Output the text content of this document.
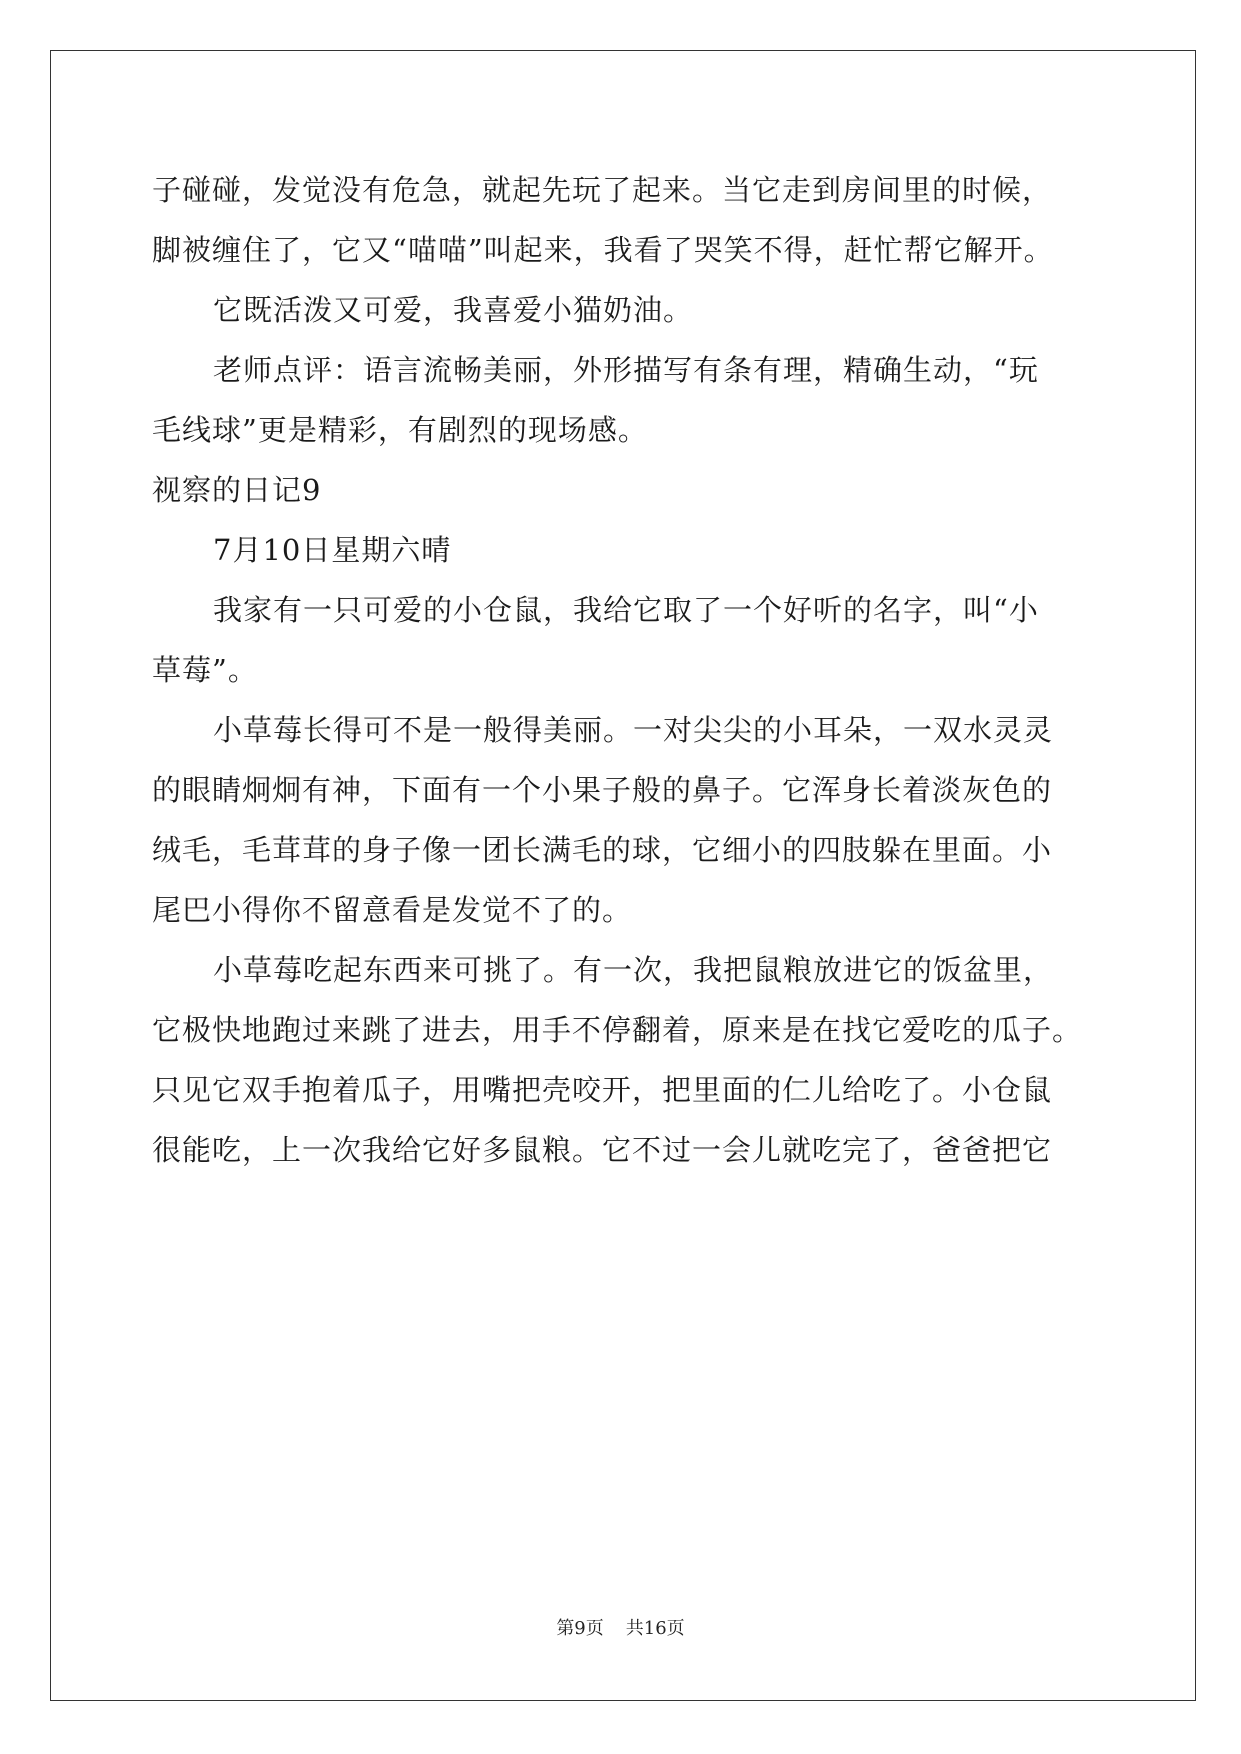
子碰碰，发觉没有危急，就起先玩了起来。当它走到房间里的时候，

脚被缠住了，它又“喵喵”叫起来，我看了哭笑不得，赶忙帮它解开。

它既活泼又可爱，我喜爱小猫奶油。

老师点评：语言流畅美丽，外形描写有条有理，精确生动，“玩

毛线球”更是精彩，有剧烈的现场感。

视察的日记9

7月10日星期六晴

我家有一只可爱的小仓鼠，我给它取了一个好听的名字，叫“小

草莓”。

小草莓长得可不是一般得美丽。一对尖尖的小耳朵，一双水灵灵

的眼睛炯炯有神，下面有一个小果子般的鼻子。它浑身长着淡灰色的

绒毛，毛茸茸的身子像一团长满毛的球，它细小的四肢躲在里面。小

尾巴小得你不留意看是发觉不了的。

小草莓吃起东西来可挑了。有一次，我把鼠粮放进它的饭盆里，

它极快地跑过来跳了进去，用手不停翻着，原来是在找它爱吃的瓜子。

只见它双手抱着瓜子，用嘴把壳咬开，把里面的仁儿给吃了。小仓鼠

很能吃，上一次我给它好多鼠粮。它不过一会儿就吃完了，爸爸把它

第9页 共16页
